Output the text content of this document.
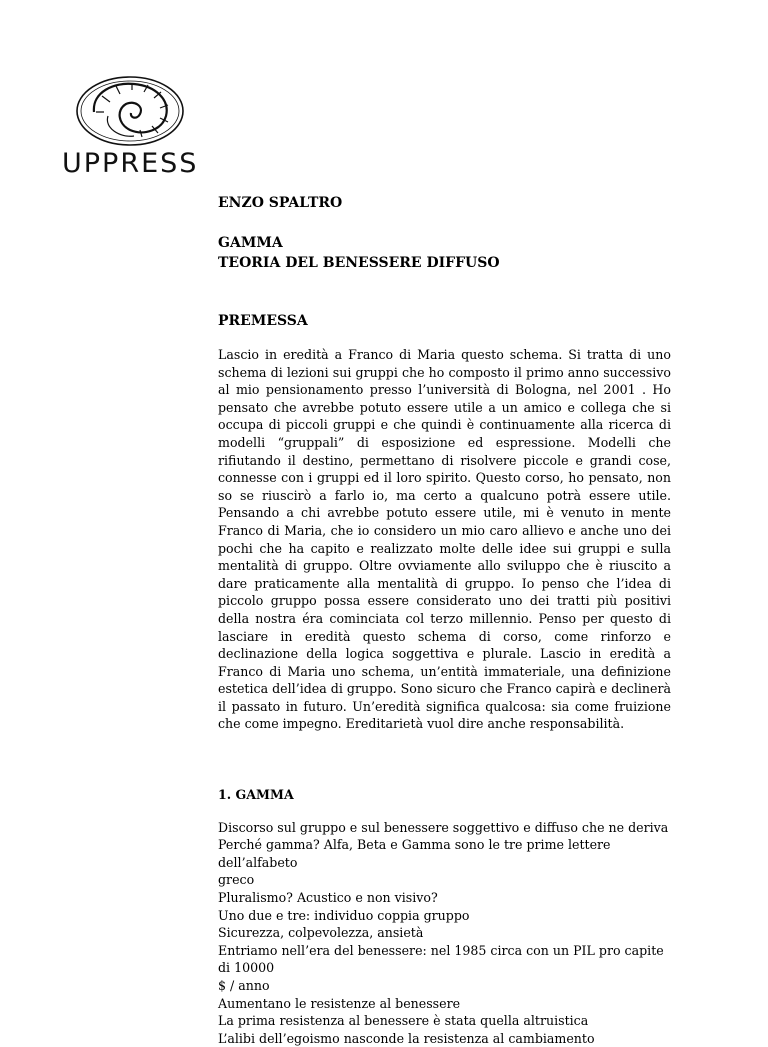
UPPRESS

ENZO SPALTRO

GAMMA

TEORIA DEL BENESSERE DIFFUSO

PREMESSA

Lascio in eredità a Franco di Maria questo schema. Si tratta di uno schema di lezioni sui gruppi che ho composto il primo anno successivo al mio pensionamento presso l’università di Bologna, nel 2001 . Ho pensato che avrebbe potuto essere utile a un amico e collega che si occupa di piccoli gruppi e che quindi è continuamente alla ricerca di modelli “gruppali” di esposizione ed espressione. Modelli che rifiutando il destino, permettano di risolvere piccole e grandi cose, connesse con i gruppi ed il loro spirito. Questo corso, ho pensato, non so se riuscirò a farlo io, ma certo a qualcuno potrà essere utile. Pensando a chi avrebbe potuto essere utile, mi è venuto in mente Franco di Maria, che io considero un mio caro allievo e anche uno dei pochi che ha capito e realizzato molte delle idee sui gruppi e sulla mentalità di gruppo. Oltre ovviamente allo sviluppo che è riuscito a dare praticamente alla mentalità di gruppo. Io penso che l’idea di piccolo gruppo possa essere considerato uno dei tratti più positivi della nostra éra cominciata col terzo millennio. Penso per questo di lasciare in eredità questo schema di corso, come rinforzo e declinazione della logica soggettiva e plurale. Lascio in eredità a Franco di Maria uno schema, un’entità immateriale, una definizione estetica dell’idea di gruppo. Sono sicuro che Franco capirà e declinerà il passato in futuro. Un’eredità significa qualcosa: sia come fruizione che come impegno. Ereditarietà vuol dire anche responsabilità.

1. GAMMA

Discorso sul gruppo e sul benessere soggettivo e diffuso che ne deriva
Perché gamma? Alfa, Beta e Gamma sono le tre prime lettere dell’alfabeto
greco
Pluralismo? Acustico e non visivo?
Uno due e tre: individuo coppia gruppo
Sicurezza, colpevolezza, ansietà
Entriamo nell’era del benessere: nel 1985 circa con un PIL pro capite di 10000
$ / anno
Aumentano le resistenze al benessere
La prima resistenza al benessere è stata quella altruistica
L’alibi dell’egoismo nasconde la resistenza al cambiamento
